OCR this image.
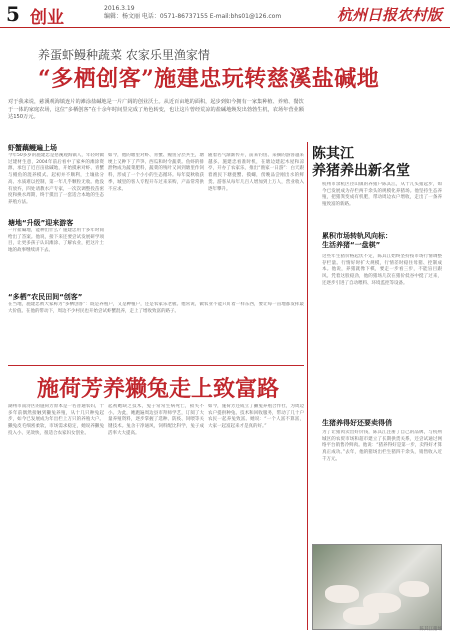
5 创业	2016.3.19
编辑：杨文丽 电话：0571-86737155 E-mail:bhs01@126.com	杭州日报农村版
养蛋虾鳗种蔬菜 农家乐里渔家情
“多栖创客”施建忠玩转慈溪盐碱地
对于我来说，慈溪观海镇连片的滩涂盐碱地是一片广阔的创业沃土。从近百亩地的面积，起步到如今拥有一家集种植、养殖、餐饮于一体的家庭农场，这位“多栖创客”在十余年时间里完成了角色转变，也让这片曾经荒凉的盐碱地焕发出勃勃生机，农场年营业额达150万元。
虾蟹藕鳗遍上场
今年50多岁的施建忠是慈溪观海镇人，年轻时做过建材生意，2004年前后看中了家乡的滩涂资源，承包了近百亩盐碱地，开始摸索对虾、青蟹与鳗鱼的混养模式。起初并不顺利，土壤盐分高、水质难以控制，第一年几乎颗粒无收。他没有放弃，四处请教水产专家，一次次调整投苗密度和换水周期，终于摸出了一套适合本地的生态养殖方法。
如今，他的塘里对虾、青蟹、鳗鱼分层共生，塘埂上又种下了芦笋、西瓜和时令蔬菜。鱼虾的排泄物成为蔬菜肥料，蔬菜的残叶又回到塘里作饲料，形成了一个小小的生态循环。每年夏秋收获季，城里的客人专程开车过来采购，产品常常供不应求。
随着名气渐渐传开，前来钓鱼、采摘的游客越来越多。施建忠看准时机，在塘边建起木屋和凉亭，开办了农家乐，推出“渔家一日游”：白天跟着渔民下塘捉蟹、摸螺，傍晚品尝刚出水的鲜货。游客从每年几百人增加到上万人，营业收入逐年攀升。
塘地“升级”迎来游客
一片盐碱地，能种出什么？施建忠用十多年时间给出了答案。他说，接下来还要尝试发展研学项目，让更多孩子认识滩涂、了解农业，把这片土地的故事继续讲下去。
“多栖”农民田间“创客”
在当地，施建忠被大家称为“多栖创客”：既是养殖户，又是种植户，还是农家乐老板。他常说，做农业不能只盯着一样东西，要让每一亩地都发挥最大价值。在他的带动下，周边不少村民也开始尝试虾蟹混养，走上了增收致富的路子。
陈其江
养猪养出新名堂
杭州市余杭区径山镇的养猪户陈其江，从十几头猪起步，如今已发展成为存栏两千余头的规模化养猪场。他坚持生态养殖，把猪粪变成有机肥，带动周边农户增收，走出了一条养殖致富的新路。
累积市场转轨风向标：
生活养猪“一盘棋”
这些年生猪价格起伏不定，陈其江始终坚持按市场行情调整存栏量。行情好时扩大规模，行情差时稳住母猪、控制成本。他说，养猪就像下棋，要走一步看三步，不能盲目跟风。凭着这股稳劲，他的猪场几次在猪价低谷中挺了过来，还逐步引进了自动喂料、环境监控等设备。
生猪养得好还要卖得俏
为了让猪肉卖出好价钱，陈其江注册了自己的品牌，与杭州城区的农贸市场和超市建立了长期供货关系，还尝试通过网络平台销售冷鲜肉。他说：“猪养得好是第一步，卖得好才算真正成功。”去年，他的猪场出栏生猪四千余头，销售收入近千万元。
陈其江猪场
施荷芳养獭兔走上致富路
湖州市南浔区的施荷芳原本是一名普通农妇，十多年前偶然接触到獭兔养殖，从十几只种兔起步，如今已发展成为年出栏上万只的养殖大户。獭兔皮毛细密柔软，市场需求稳定，她说养獭兔投入小、见效快，很适合农家妇女创业。
起初她缺乏技术，兔子常常生病死亡，损失不小。为此，她跑遍周边县市拜师学艺，订阅了大量养殖资料，逐步掌握了选种、防疫、饲喂等关键技术。兔舍干净通风，饲料配比科学，兔子成活率大大提高。
如今，施荷芳还成立了獭兔养殖合作社，为周边农户提供种兔、技术和回收服务，带动了几十户农民一起养兔致富。她说：“一个人富不算富，大家一起富起来才是真的好。”
